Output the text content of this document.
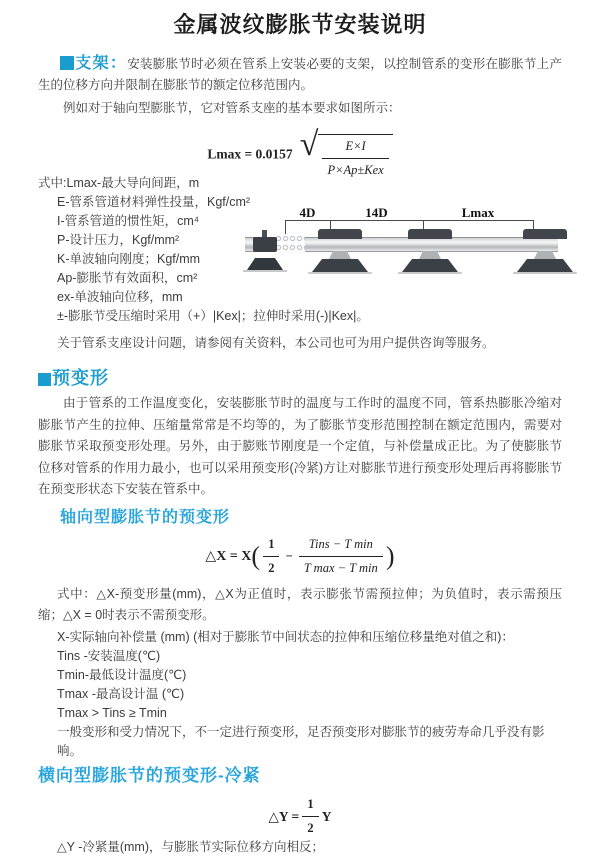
金属波纹膨胀节安装说明

支架：安装膨胀节时必须在管系上安装必要的支架，以控制管系的变形在膨胀节上产生的位移方向并限制在膨胀节的额定位移范围内。

例如对于轴向型膨胀节，它对管系支座的基本要求如图所示：

Lmax = 0.0157 √ $\frac{E\times I}{\text{P×Ap±Kex}}$
式中:Lmax-最大导向间距，m
E-管系管道材料弹性投量，Kgf/cm²
I-管系管道的惯性矩，cm⁴
P-设计压力，Kgf/mm²
K-单波轴向刚度；Kgf/mm
Ap-膨胀节有效面积，cm²
ex-单波轴向位移，mm
±-膨胀节受压缩时采用（+）|Kex|；拉伸时采用(-)|Kex|。
4D	14D	Lmax
关于管系支座设计问题，请参阅有关资料，本公司也可为用户提供咨询等服务。
预变形

由于管系的工作温度变化，安装膨胀节时的温度与工作时的温度不同，管系热膨胀冷缩对膨胀节产生的拉伸、压缩量常常是不均等的，为了膨胀节变形范围控制在额定范围内，需要对膨胀节采取预变形处理。另外，由于膨账节刚度是一个定值，与补偿量成正比。为了使膨胀节位移对管系的作用力最小，也可以采用预变形(冷紧)方让对膨胀节进行预变形处理后再将膨胀节在预变形状态下安装在管系中。

轴向型膨胀节的预变形
△X = $X( \frac{1}{2} - \frac{\text{Tins − T min}}{\text{T max − T min}}$ )
式中：△X-预变形量(mm)，△X为正值时，表示膨张节需预拉伸；为负值时，表示需预压缩；△X = 0时表示不需预变形。
X-实际轴向补偿量 (mm) (相对于膨胀节中间状态的拉伸和压缩位移量绝对值之和)：
Tins -安装温度(℃)
Tmin-最低设计温度(℃)
Tmax -最高设计温 (℃)
Tmax > Tins ≥ Tmin
一般变形和受力情况下，不一定进行预变形，足否预变形对膨胀节的疲劳寿命几乎没有影响。
横向型膨胀节的预变形-冷紧
△Y = $\frac{1}{2}$ Y
△Y -冷紧量(mm)，与膨胀节实际位移方向相反；
